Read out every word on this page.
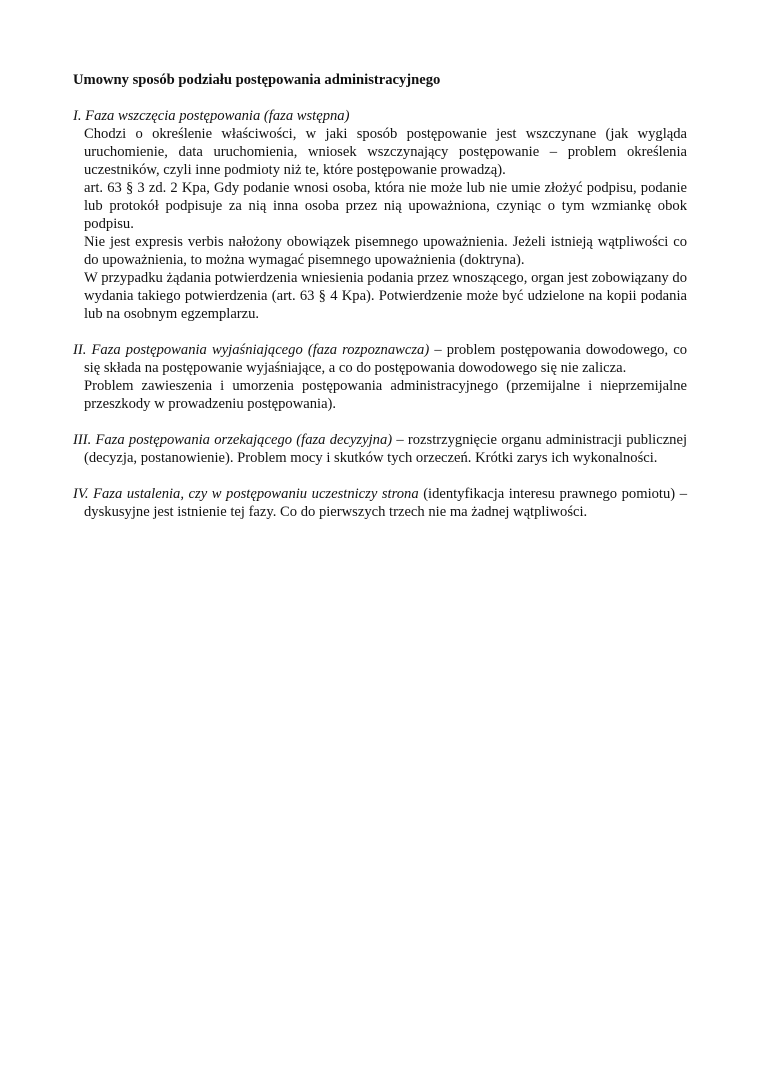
Umowny sposób podziału postępowania administracyjnego
I. Faza wszczęcia postępowania (faza wstępna)
Chodzi o określenie właściwości, w jaki sposób postępowanie jest wszczynane (jak wygląda uruchomienie, data uruchomienia, wniosek wszczynający postępowanie – problem określenia uczestników, czyli inne podmioty niż te, które postępowanie prowadzą).
art. 63 § 3 zd. 2 Kpa, Gdy podanie wnosi osoba, która nie może lub nie umie złożyć podpisu, podanie lub protokół podpisuje za nią inna osoba przez nią upoważniona, czyniąc o tym wzmiankę obok podpisu.
Nie jest expresis verbis nałożony obowiązek pisemnego upoważnienia. Jeżeli istnieją wątpliwości co do upoważnienia, to można wymagać pisemnego upoważnienia (doktryna).
W przypadku żądania potwierdzenia wniesienia podania przez wnoszącego, organ jest zobowiązany do wydania takiego potwierdzenia (art. 63 § 4 Kpa). Potwierdzenie może być udzielone na kopii podania lub na osobnym egzemplarzu.
II. Faza postępowania wyjaśniającego (faza rozpoznawcza) – problem postępowania dowodowego, co się składa na postępowanie wyjaśniające, a co do postępowania dowodowego się nie zalicza.
Problem zawieszenia i umorzenia postępowania administracyjnego (przemijalne i nieprzemijalne przeszkody w prowadzeniu postępowania).
III. Faza postępowania orzekającego (faza decyzyjna) – rozstrzygnięcie organu administracji publicznej (decyzja, postanowienie). Problem mocy i skutków tych orzeczeń. Krótki zarys ich wykonalności.
IV. Faza ustalenia, czy w postępowaniu uczestniczy strona (identyfikacja interesu prawnego pomiotu) – dyskusyjne jest istnienie tej fazy. Co do pierwszych trzech nie ma żadnej wątpliwości.
